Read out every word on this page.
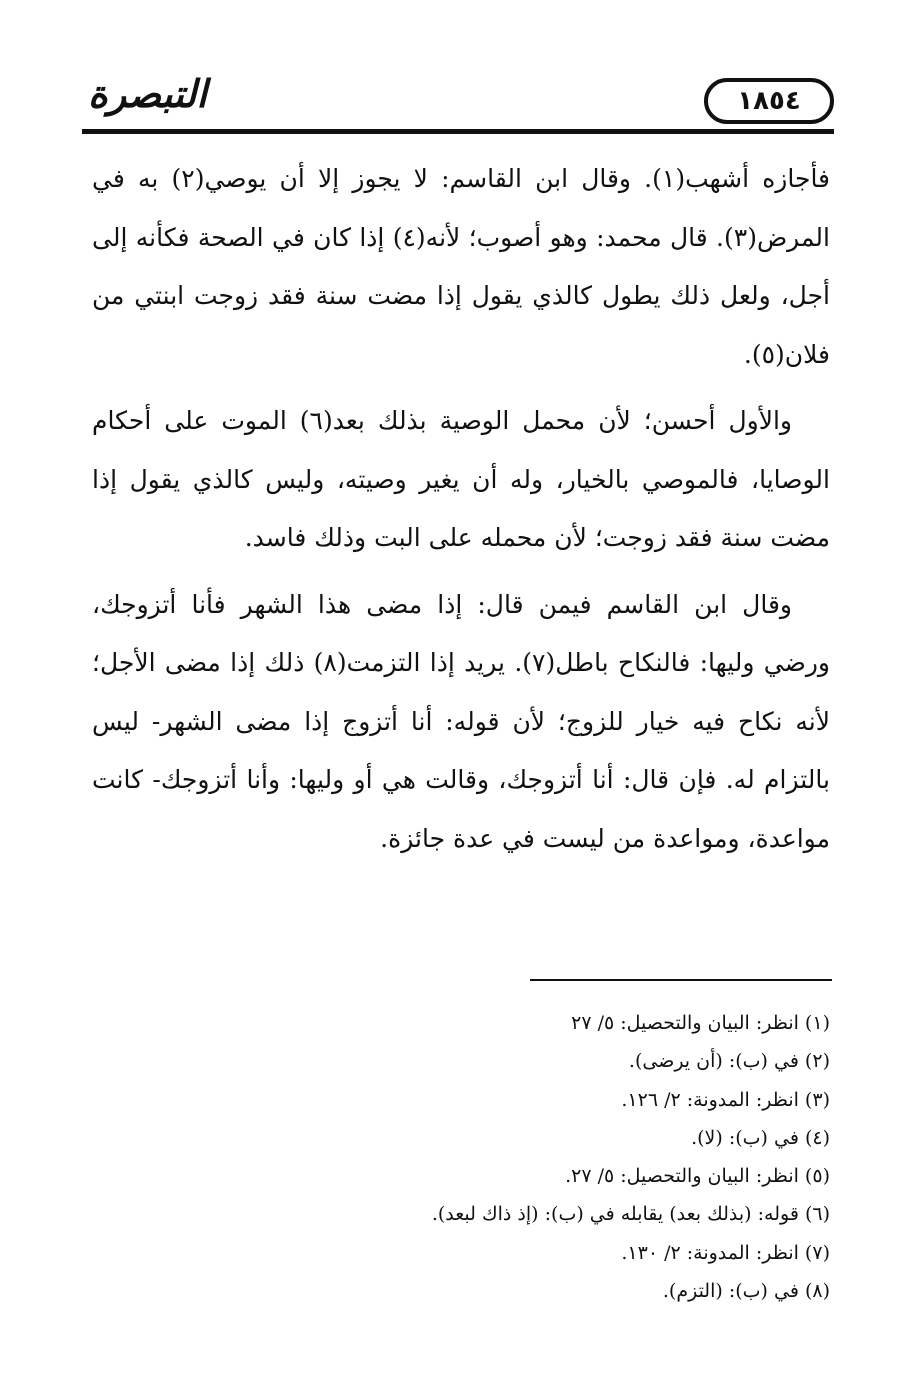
التبصرة	١٨٥٤

فأجازه أشهب(١). وقال ابن القاسم: لا يجوز إلا أن يوصي(٢) به في المرض(٣). قال محمد: وهو أصوب؛ لأنه(٤) إذا كان في الصحة فكأنه إلى أجل، ولعل ذلك يطول كالذي يقول إذا مضت سنة فقد زوجت ابنتي من فلان(٥).

والأول أحسن؛ لأن محمل الوصية بذلك بعد(٦) الموت على أحكام الوصايا، فالموصي بالخيار، وله أن يغير وصيته، وليس كالذي يقول إذا مضت سنة فقد زوجت؛ لأن محمله على البت وذلك فاسد.

وقال ابن القاسم فيمن قال: إذا مضى هذا الشهر فأنا أتزوجك، ورضي وليها: فالنكاح باطل(٧). يريد إذا التزمت(٨) ذلك إذا مضى الأجل؛ لأنه نكاح فيه خيار للزوج؛ لأن قوله: أنا أتزوج إذا مضى الشهر- ليس بالتزام له. فإن قال: أنا أتزوجك، وقالت هي أو وليها: وأنا أتزوجك- كانت مواعدة، ومواعدة من ليست في عدة جائزة.

(١) انظر: البيان والتحصيل: ٥/ ٢٧
(٢) في (ب): (أن يرضى).
(٣) انظر: المدونة: ٢/ ١٢٦.
(٤) في (ب): (لا).
(٥) انظر: البيان والتحصيل: ٥/ ٢٧.
(٦) قوله: (بذلك بعد) يقابله في (ب): (إذ ذاك لبعد).
(٧) انظر: المدونة: ٢/ ١٣٠.
(٨) في (ب): (التزم).
